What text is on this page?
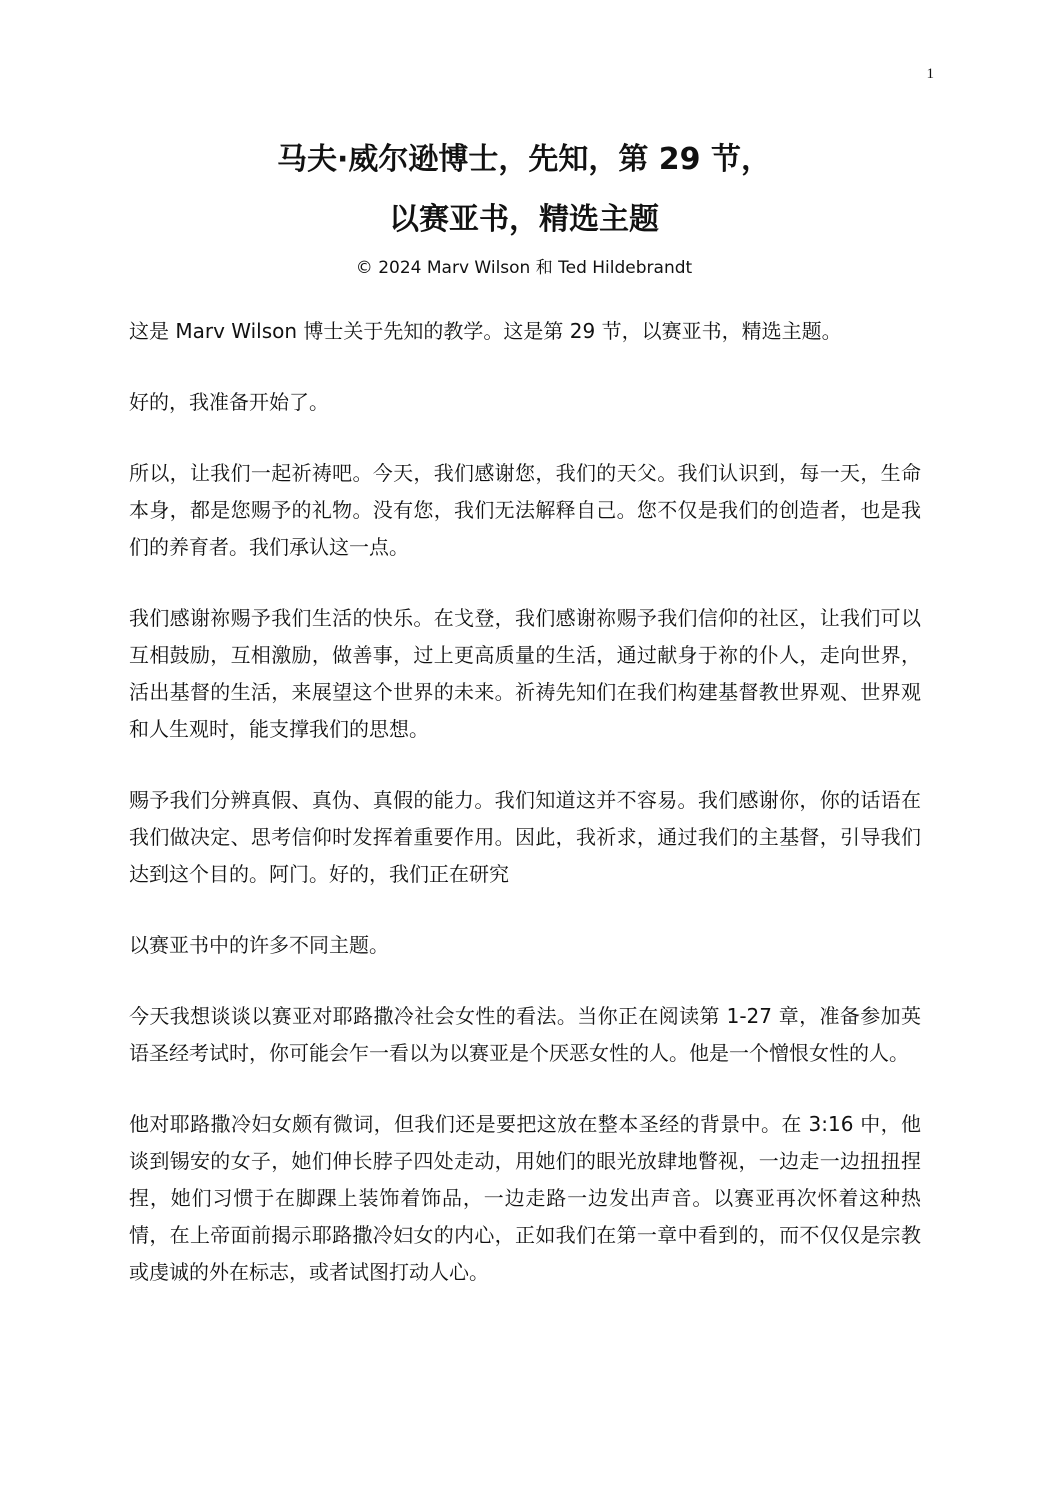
1
马夫·威尔逊博士，先知，第 29 节，
以赛亚书，精选主题
© 2024 Marv Wilson 和 Ted Hildebrandt

这是 Marv Wilson 博士关于先知的教学。这是第 29 节，以赛亚书，精选主题。

好的，我准备开始了。

所以，让我们一起祈祷吧。今天，我们感谢您，我们的天父。我们认识到，每一天，生命本身，都是您赐予的礼物。没有您，我们无法解释自己。您不仅是我们的创造者，也是我们的养育者。我们承认这一点。

我们感谢祢赐予我们生活的快乐。在戈登，我们感谢祢赐予我们信仰的社区，让我们可以互相鼓励，互相激励，做善事，过上更高质量的生活，通过献身于祢的仆人，走向世界，活出基督的生活，来展望这个世界的未来。祈祷先知们在我们构建基督教世界观、世界观和人生观时，能支撑我们的思想。

赐予我们分辨真假、真伪、真假的能力。我们知道这并不容易。我们感谢你，你的话语在我们做决定、思考信仰时发挥着重要作用。因此，我祈求，通过我们的主基督，引导我们达到这个目的。阿门。好的，我们正在研究

以赛亚书中的许多不同主题。

今天我想谈谈以赛亚对耶路撒冷社会女性的看法。当你正在阅读第 1-27 章，准备参加英语圣经考试时，你可能会乍一看以为以赛亚是个厌恶女性的人。他是一个憎恨女性的人。

他对耶路撒冷妇女颇有微词，但我们还是要把这放在整本圣经的背景中。在 3:16 中，他谈到锡安的女子，她们伸长脖子四处走动，用她们的眼光放肆地瞥视，一边走一边扭扭捏捏，她们习惯于在脚踝上装饰着饰品，一边走路一边发出声音。以赛亚再次怀着这种热情，在上帝面前揭示耶路撒冷妇女的内心，正如我们在第一章中看到的，而不仅仅是宗教或虔诚的外在标志，或者试图打动人心。
